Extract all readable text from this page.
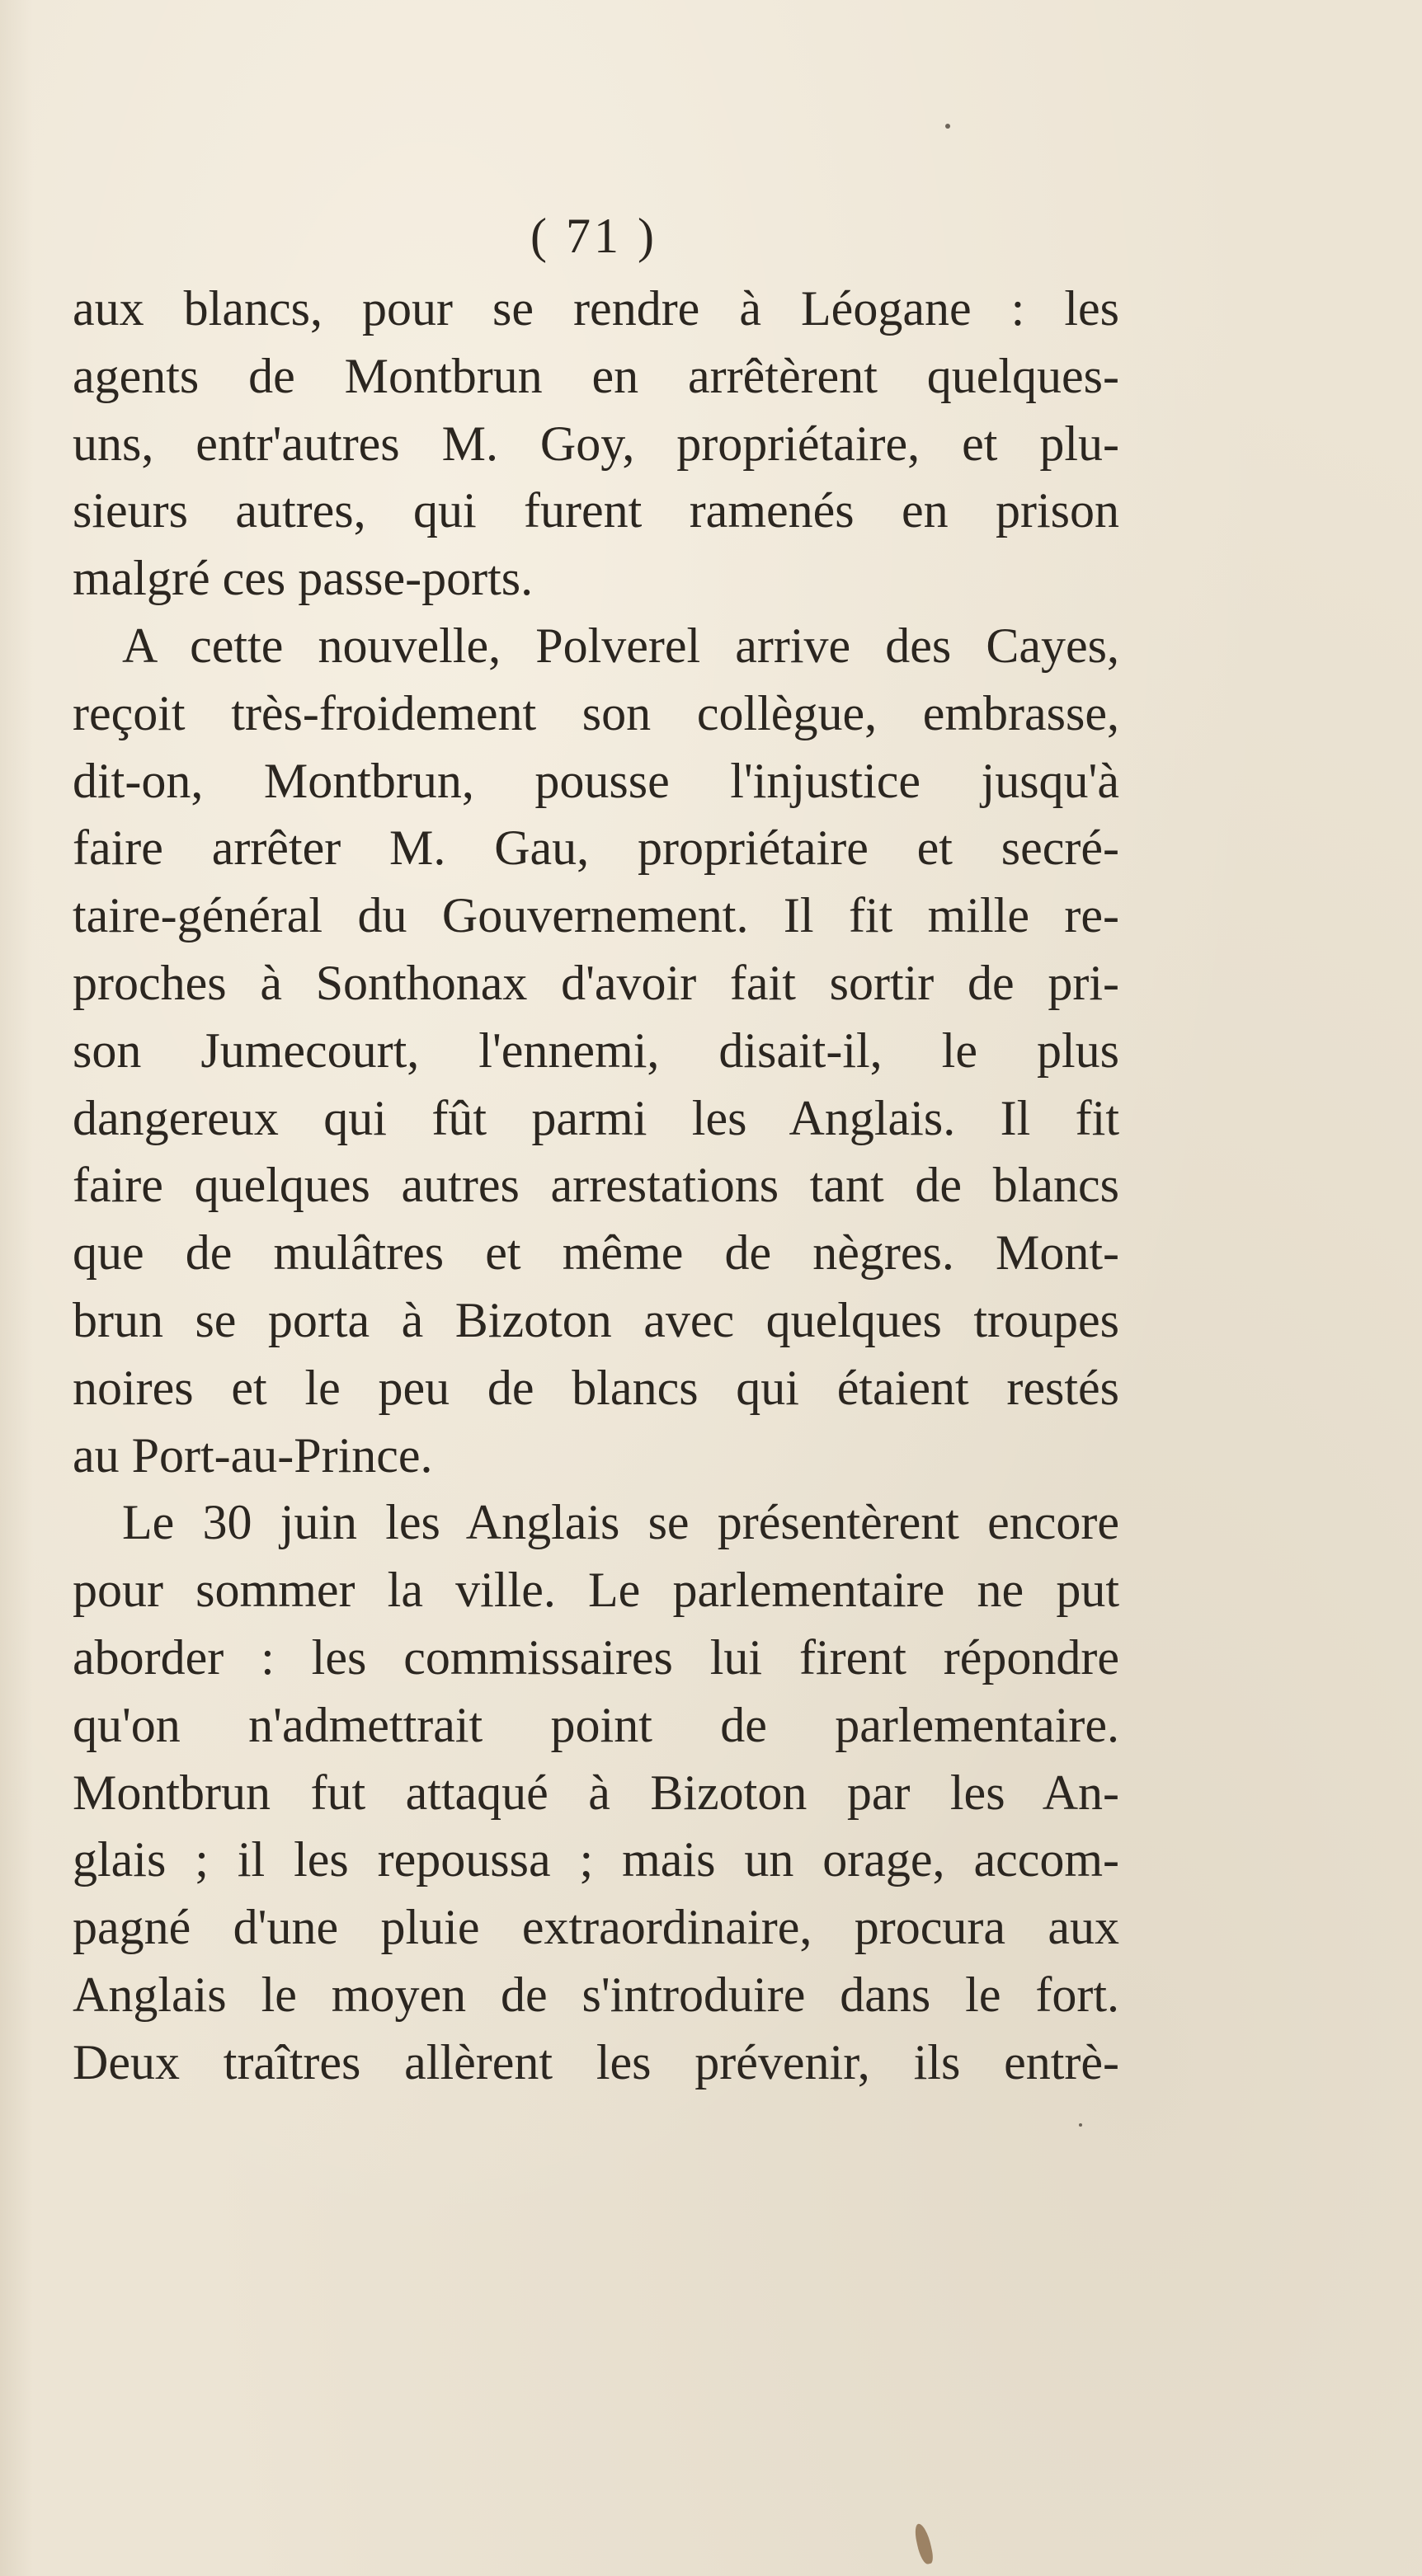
( 71 )
aux blancs, pour se rendre à Léogane : les
agents de Montbrun en arrêtèrent quelques-
uns, entr'autres M. Goy, propriétaire, et plu-
sieurs autres, qui furent ramenés en prison
malgré ces passe-ports.
A cette nouvelle, Polverel arrive des Cayes,
reçoit très-froidement son collègue, embrasse,
dit-on, Montbrun, pousse l'injustice jusqu'à
faire arrêter M. Gau, propriétaire et secré-
taire-général du Gouvernement. Il fit mille re-
proches à Sonthonax d'avoir fait sortir de pri-
son Jumecourt, l'ennemi, disait-il, le plus
dangereux qui fût parmi les Anglais. Il fit
faire quelques autres arrestations tant de blancs
que de mulâtres et même de nègres. Mont-
brun se porta à Bizoton avec quelques troupes
noires et le peu de blancs qui étaient restés
au Port-au-Prince.
Le 30 juin les Anglais se présentèrent encore
pour sommer la ville. Le parlementaire ne put
aborder : les commissaires lui firent répondre
qu'on n'admettrait point de parlementaire.
Montbrun fut attaqué à Bizoton par les An-
glais ; il les repoussa ; mais un orage, accom-
pagné d'une pluie extraordinaire, procura aux
Anglais le moyen de s'introduire dans le fort.
Deux traîtres allèrent les prévenir, ils entrè-
